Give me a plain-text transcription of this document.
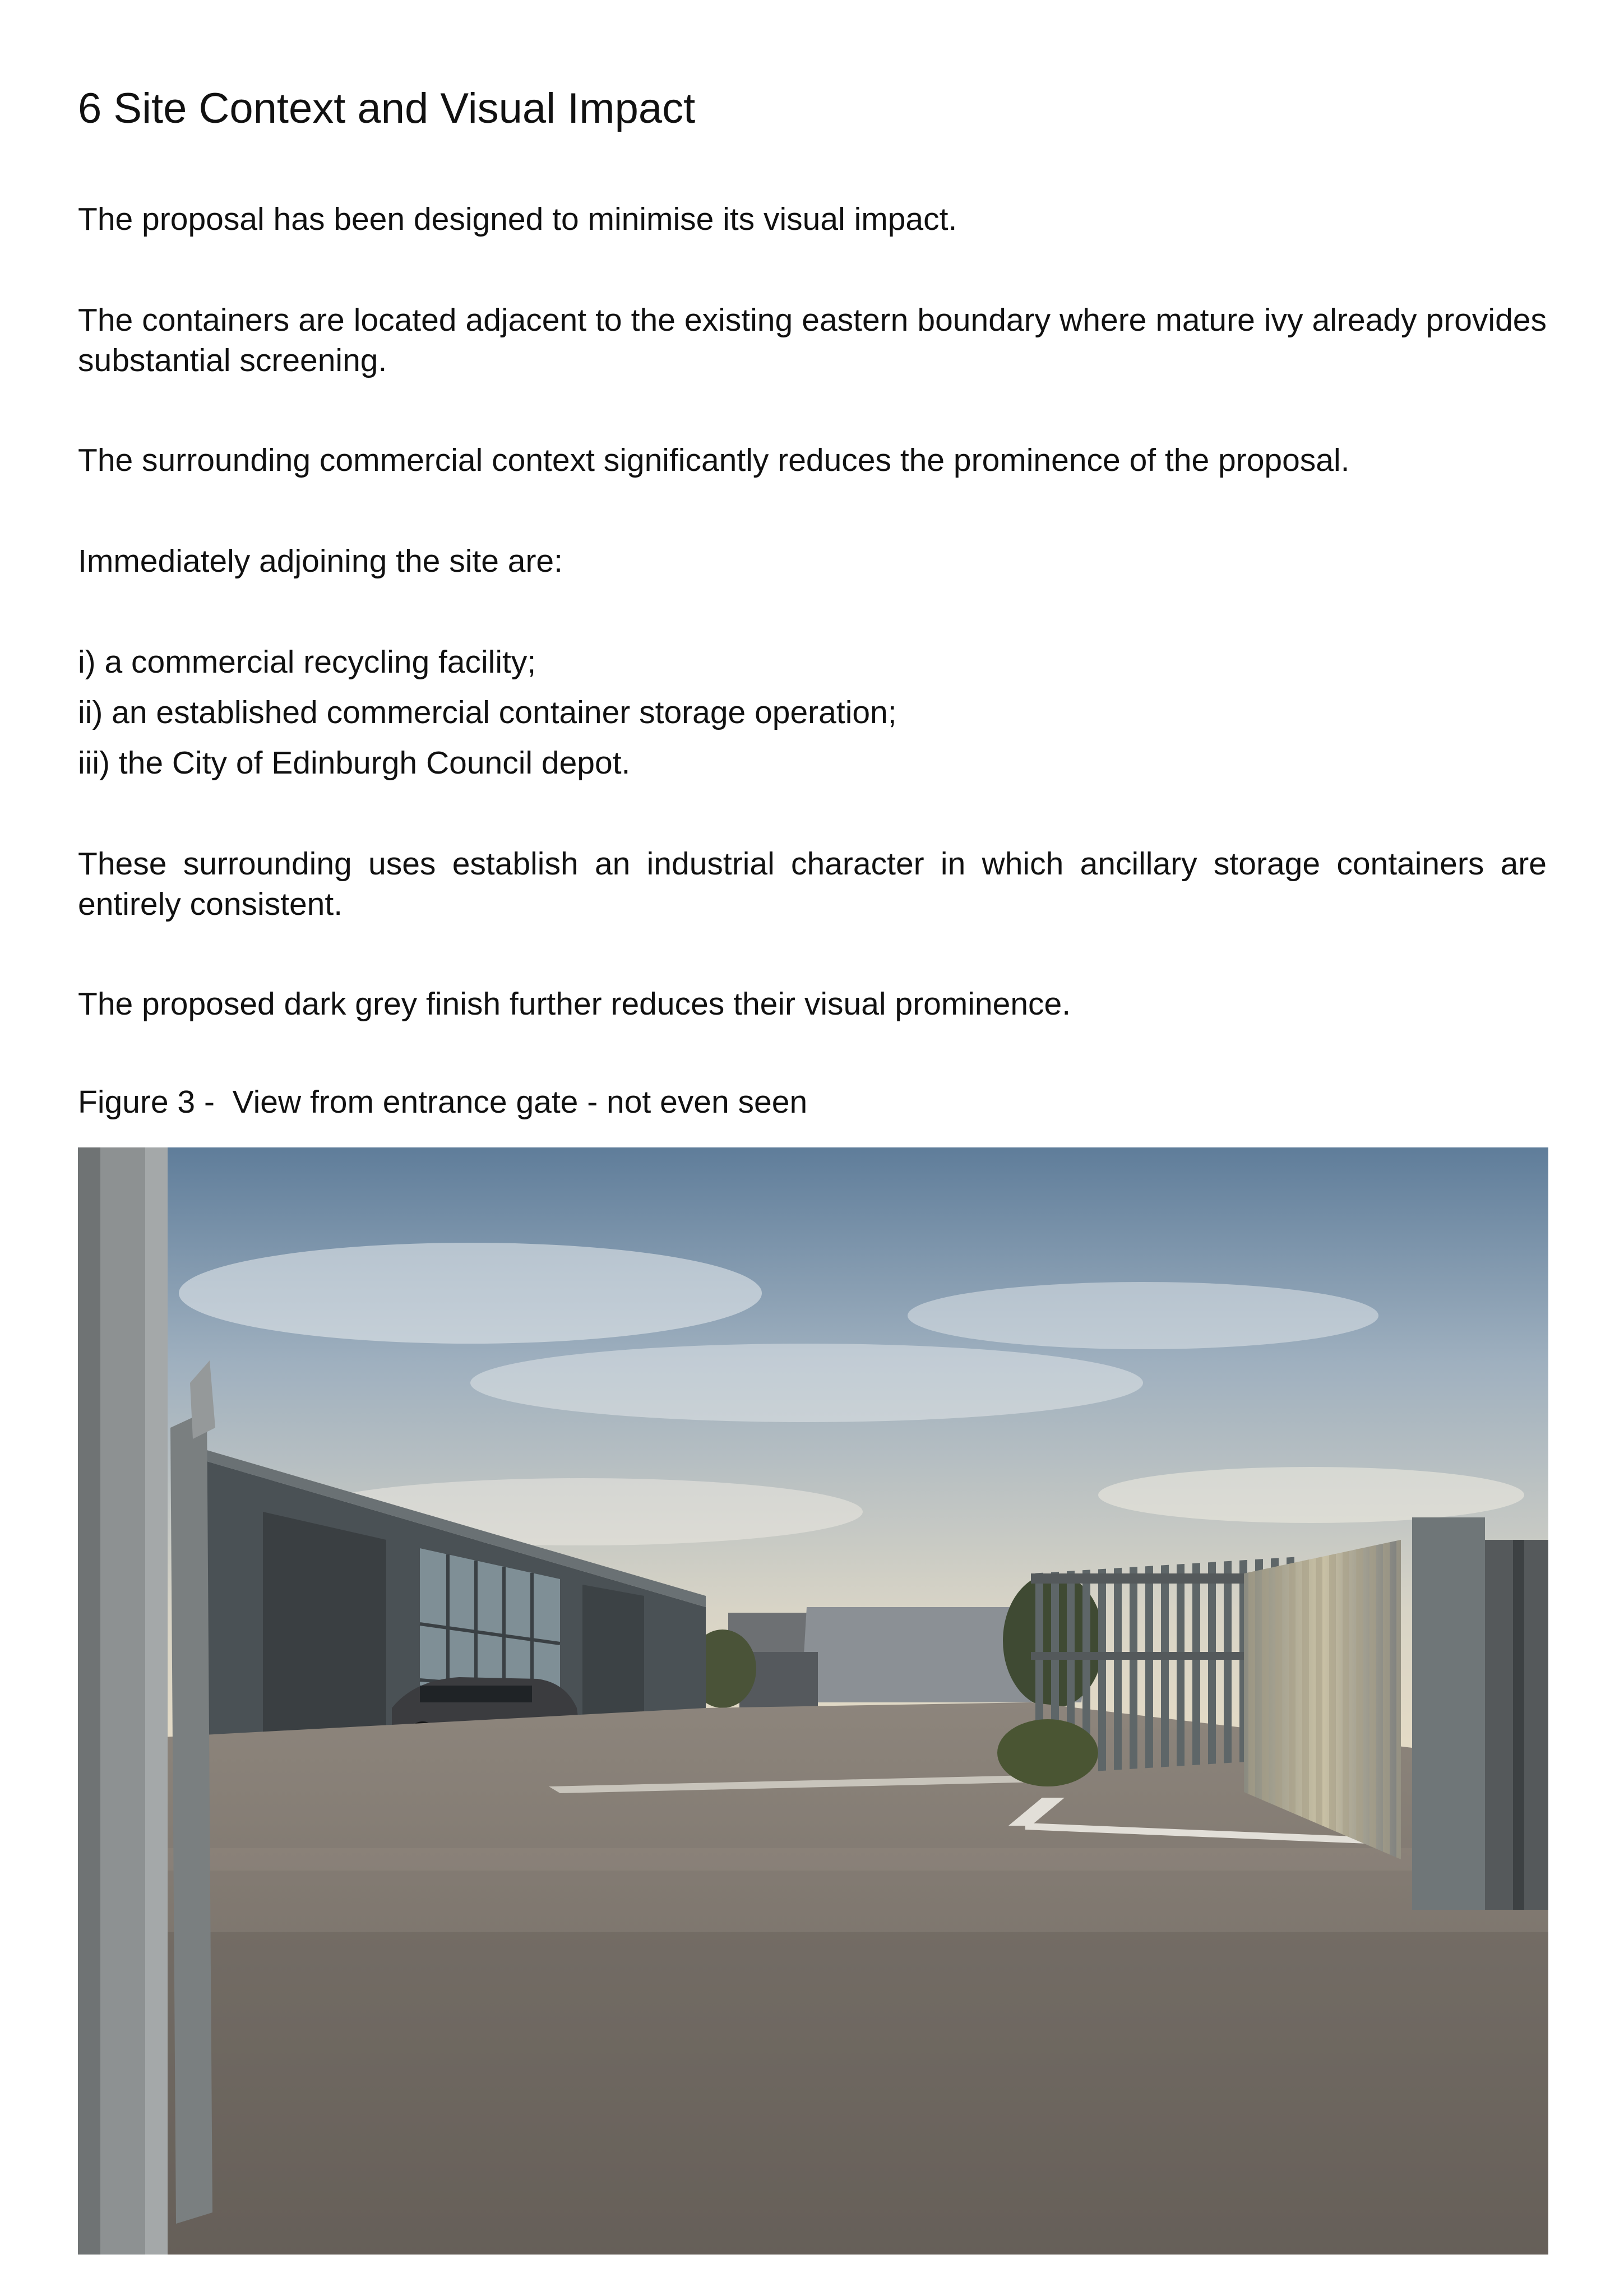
6 Site Context and Visual Impact

The proposal has been designed to minimise its visual impact.

The containers are located adjacent to the existing eastern boundary where mature ivy already provides substantial screening.

The surrounding commercial context significantly reduces the prominence of the proposal.

Immediately adjoining the site are:

i) a commercial recycling facility;

ii) an established commercial container storage operation;

iii) the City of Edinburgh Council depot.

These surrounding uses establish an industrial character in which ancillary storage containers are entirely consistent.

The proposed dark grey finish further reduces their visual prominence.

Figure 3 -  View from entrance gate - not even seen
